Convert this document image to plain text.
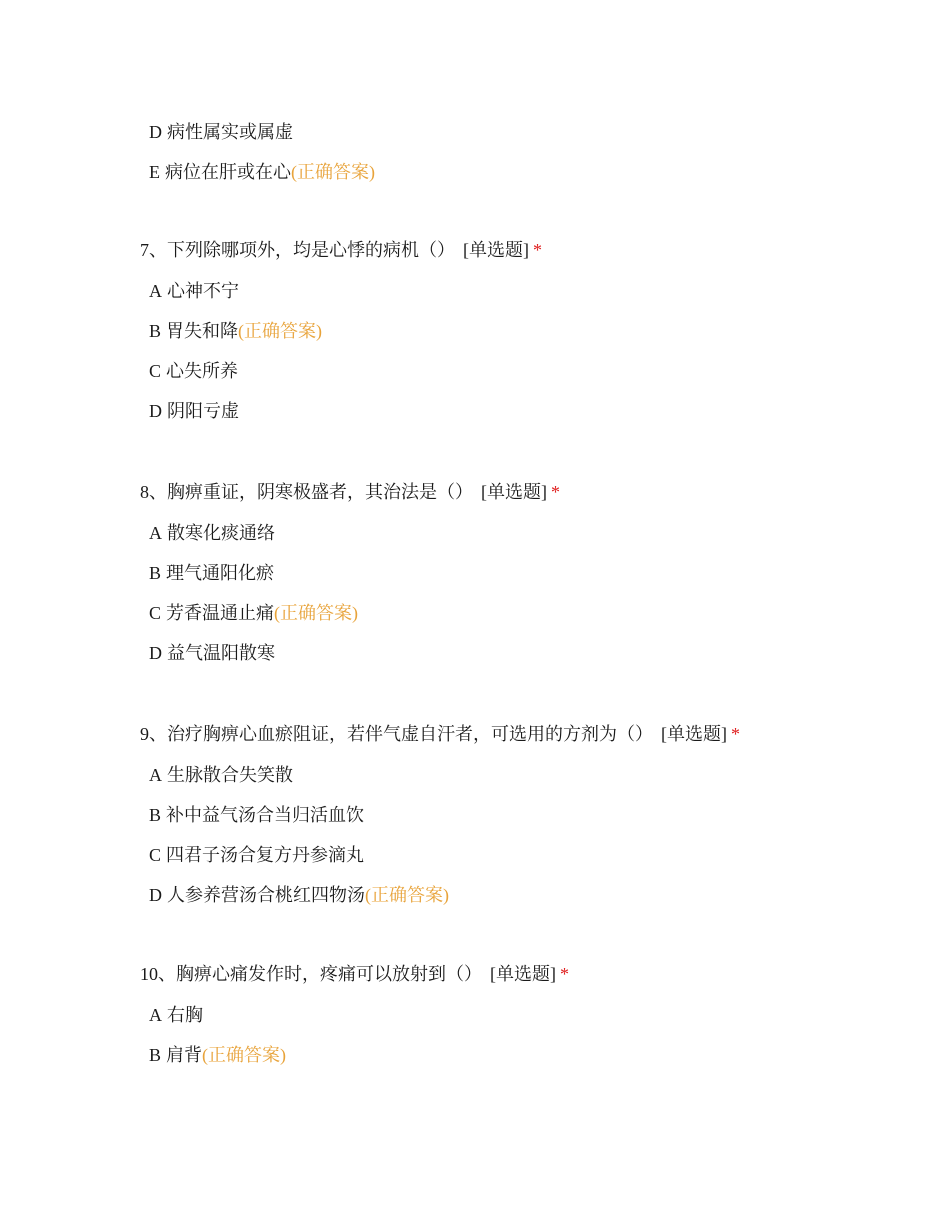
D 病性属实或属虚
E 病位在肝或在心(正确答案)
7、下列除哪项外，均是心悸的病机（） [单选题] *
A 心神不宁
B 胃失和降(正确答案)
C 心失所养
D 阴阳亏虚
8、胸痹重证，阴寒极盛者，其治法是（） [单选题] *
A 散寒化痰通络
B 理气通阳化瘀
C 芳香温通止痛(正确答案)
D 益气温阳散寒
9、治疗胸痹心血瘀阻证，若伴气虚自汗者，可选用的方剂为（） [单选题] *
A 生脉散合失笑散
B 补中益气汤合当归活血饮
C 四君子汤合复方丹参滴丸
D 人参养营汤合桃红四物汤(正确答案)
10、胸痹心痛发作时，疼痛可以放射到（） [单选题] *
A 右胸
B 肩背(正确答案)
